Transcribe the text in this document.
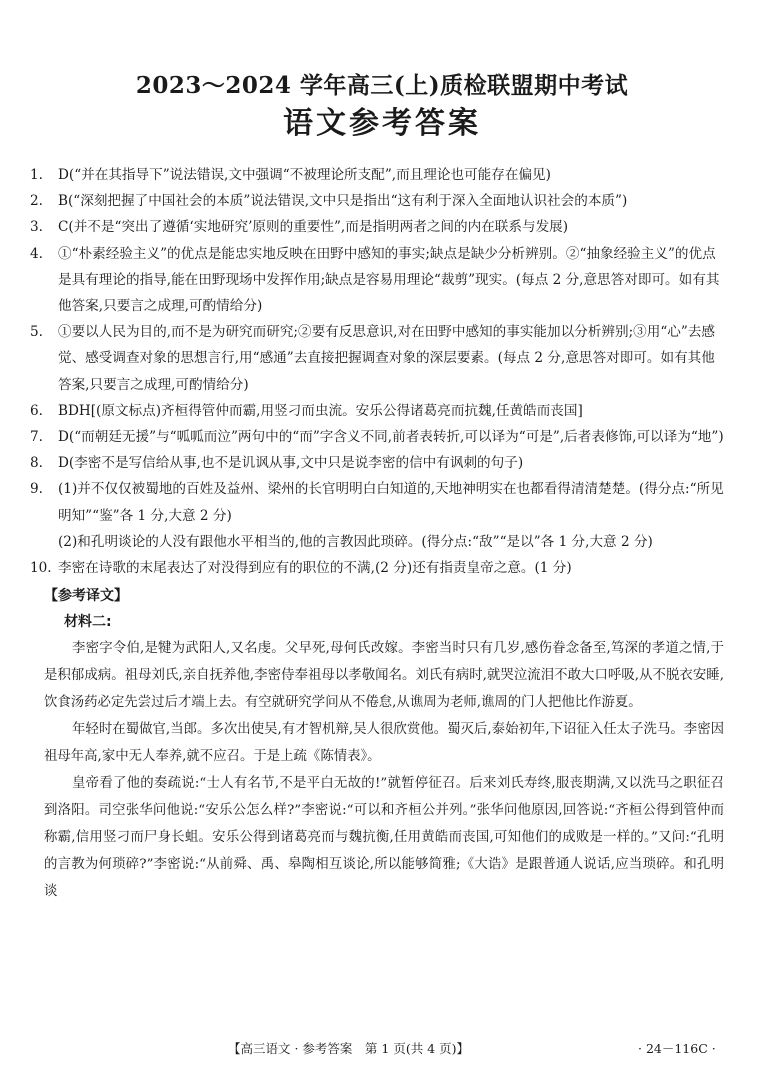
2023～2024 学年高三(上)质检联盟期中考试
语文参考答案
1. D(“并在其指导下”说法错误,文中强调“不被理论所支配”,而且理论也可能存在偏见)
2. B(“深刻把握了中国社会的本质”说法错误,文中只是指出“这有利于深入全面地认识社会的本质”)
3. C(并不是“突出了遵循‘实地研究’原则的重要性”,而是指明两者之间的内在联系与发展)
4. ①“朴素经验主义”的优点是能忠实地反映在田野中感知的事实;缺点是缺少分析辨别。②“抽象经验主义”的优点是具有理论的指导,能在田野现场中发挥作用;缺点是容易用理论“裁剪”现实。(每点 2 分,意思答对即可。如有其他答案,只要言之成理,可酌情给分)
5. ①要以人民为目的,而不是为研究而研究;②要有反思意识,对在田野中感知的事实能加以分析辨别;③用“心”去感觉、感受调查对象的思想言行,用“感通”去直接把握调查对象的深层要素。(每点 2 分,意思答对即可。如有其他答案,只要言之成理,可酌情给分)
6. BDH[(原文标点)齐桓得管仲而霸,用竖刁而虫流。安乐公得诸葛亮而抗魏,任黄皓而丧国]
7. D(“而朝廷无援”与“呱呱而泣”两句中的“而”字含义不同,前者表转折,可以译为“可是”,后者表修饰,可以译为“地”)
8. D(李密不是写信给从事,也不是讥讽从事,文中只是说李密的信中有讽刺的句子)
9. (1)并不仅仅被蜀地的百姓及益州、梁州的长官明明白白知道的,天地神明实在也都看得清清楚楚。(得分点:“所见明知”“鉴”各 1 分,大意 2 分)
(2)和孔明谈论的人没有跟他水平相当的,他的言教因此琐碎。(得分点:“敌”“是以”各 1 分,大意 2 分)
10. 李密在诗歌的末尾表达了对没得到应有的职位的不满,(2 分)还有指责皇帝之意。(1 分)
【参考译文】
材料二:

李密字令伯,是犍为武阳人,又名虔。父早死,母何氏改嫁。李密当时只有几岁,感伤眷念备至,笃深的孝道之情,于是积郁成病。祖母刘氏,亲自抚养他,李密侍奉祖母以孝敬闻名。刘氏有病时,就哭泣流泪不敢大口呼吸,从不脱衣安睡,饮食汤药必定先尝过后才端上去。有空就研究学问从不倦怠,从谯周为老师,谯周的门人把他比作游夏。

年轻时在蜀做官,当郎。多次出使吴,有才智机辩,吴人很欣赏他。蜀灭后,泰始初年,下诏征入任太子洗马。李密因祖母年高,家中无人奉养,就不应召。于是上疏《陈情表》。

皇帝看了他的奏疏说:“士人有名节,不是平白无故的!”就暂停征召。后来刘氏寿终,服丧期满,又以洗马之职征召到洛阳。司空张华问他说:“安乐公怎么样?”李密说:“可以和齐桓公并列。”张华问他原因,回答说:“齐桓公得到管仲而称霸,信用竖刁而尸身长蛆。安乐公得到诸葛亮而与魏抗衡,任用黄皓而丧国,可知他们的成败是一样的。”又问:“孔明的言教为何琐碎?”李密说:“从前舜、禹、皋陶相互谈论,所以能够简雅;《大诰》是跟普通人说话,应当琐碎。和孔明谈

【高三语文 · 参考答案　第 1 页(共 4 页)】	· 24－116C ·
